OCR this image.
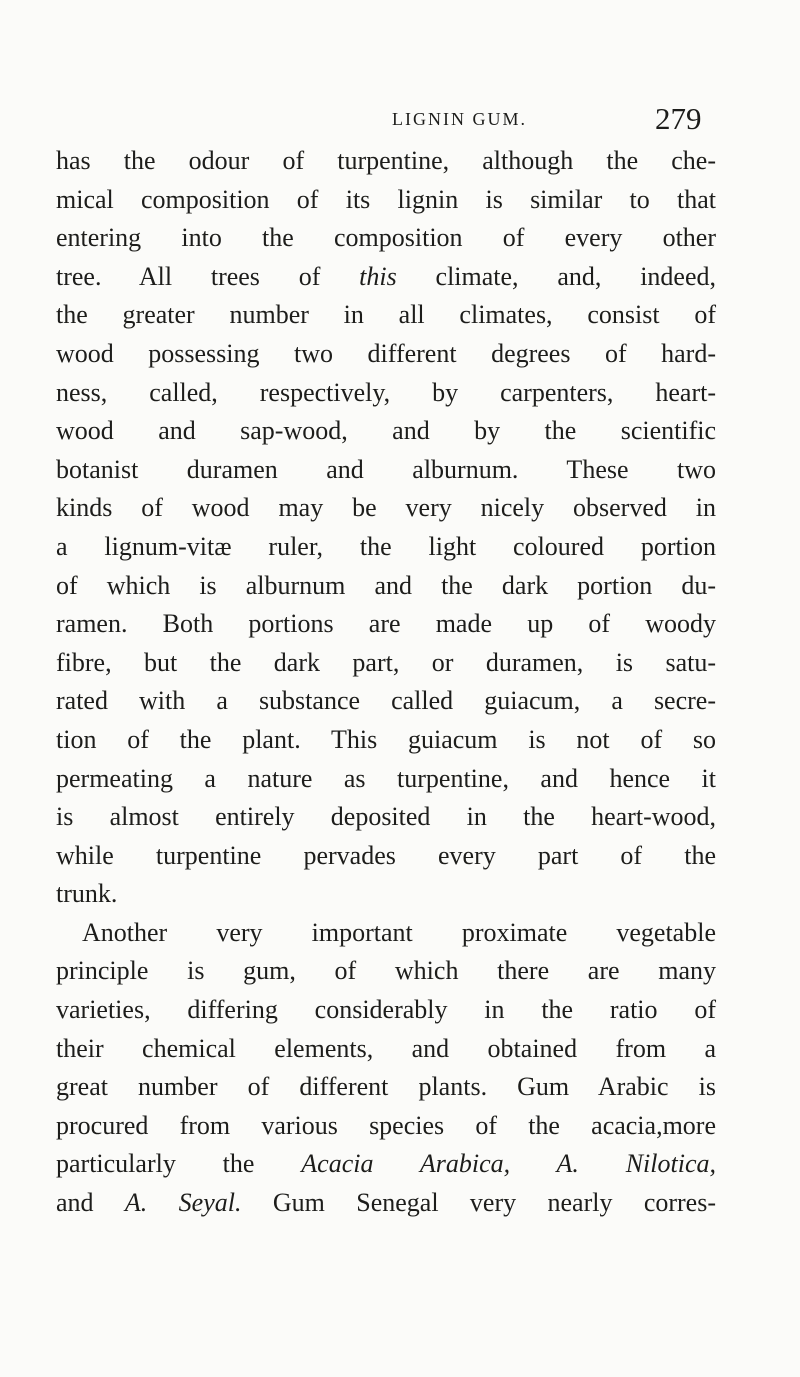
LIGNIN GUM.	279
has the odour of turpentine, although the che-
mical composition of its lignin is similar to that
entering into the composition of every other
tree. All trees of this climate, and, indeed,
the greater number in all climates, consist of
wood possessing two different degrees of hard-
ness, called, respectively, by carpenters, heart-
wood and sap-wood, and by the scientific
botanist duramen and alburnum. These two
kinds of wood may be very nicely observed in
a lignum-vitæ ruler, the light coloured portion
of which is alburnum and the dark portion du-
ramen. Both portions are made up of woody
fibre, but the dark part, or duramen, is satu-
rated with a substance called guiacum, a secre-
tion of the plant. This guiacum is not of so
permeating a nature as turpentine, and hence it
is almost entirely deposited in the heart-wood,
while turpentine pervades every part of the
trunk.
Another very important proximate vegetable
principle is gum, of which there are many
varieties, differing considerably in the ratio of
their chemical elements, and obtained from a
great number of different plants. Gum Arabic is
procured from various species of the acacia,more
particularly the Acacia Arabica, A. Nilotica,
and A. Seyal. Gum Senegal very nearly corres-
